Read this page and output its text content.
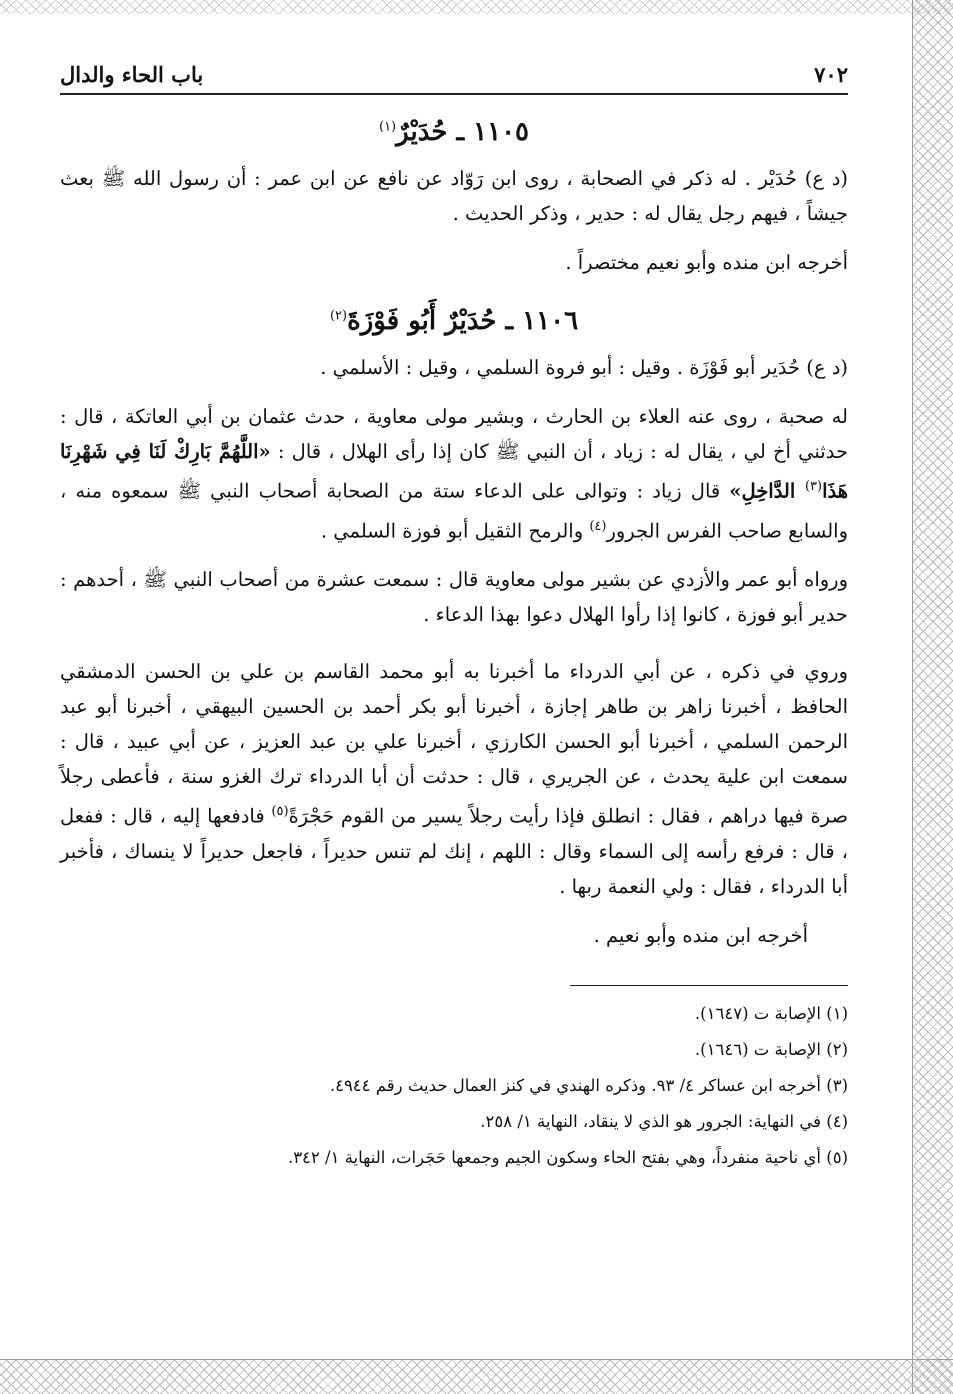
٧٠٢
باب الحاء والدال
١١٠٥ ـ حُدَيْرٌ$^{(١)}$

(د ع) حُدَيْر . له ذكر في الصحابة ، روى ابن رَوّاد عن نافع عن ابن عمر : أن رسول الله ﷺ بعث جيشاً ، فيهم رجل يقال له : حدير ، وذكر الحديث .

أخرجه ابن منده وأبو نعيم مختصراً .

١١٠٦ ـ حُدَيْرٌ أَبُو فَوْزَةَ$^{(٢)}$

(د ع) حُدَير أبو فَوْزَة . وقيل : أبو فروة السلمي ، وقيل : الأسلمي .

له صحبة ، روى عنه العلاء بن الحارث ، وبشير مولى معاوية ، حدث عثمان بن أبي العاتكة ، قال : حدثني أخ لي ، يقال له : زياد ، أن النبي ﷺ كان إذا رأى الهلال ، قال : «اللَّهُمَّ بَارِكْ لَنَا فِي شَهْرِنَا هَذَا$^{(٣)}$ الدَّاخِلِ» قال زياد : وتوالى على الدعاء ستة من الصحابة أصحاب النبي ﷺ سمعوه منه ، والسابع صاحب الفرس الجرور$^{(٤)}$ والرمح الثقيل أبو فوزة السلمي .

ورواه أبو عمر والأزدي عن بشير مولى معاوية قال : سمعت عشرة من أصحاب النبي ﷺ ، أحدهم : حدير أبو فوزة ، كانوا إذا رأوا الهلال دعوا بهذا الدعاء .

وروي في ذكره ، عن أبي الدرداء ما أخبرنا به أبو محمد القاسم بن علي بن الحسن الدمشقي الحافظ ، أخبرنا زاهر بن طاهر إجازة ، أخبرنا أبو بكر أحمد بن الحسين البيهقي ، أخبرنا أبو عبد الرحمن السلمي ، أخبرنا أبو الحسن الكارزي ، أخبرنا علي بن عبد العزيز ، عن أبي عبيد ، قال : سمعت ابن علية يحدث ، عن الجريري ، قال : حدثت أن أبا الدرداء ترك الغزو سنة ، فأعطى رجلاً صرة فيها دراهم ، فقال : انطلق فإذا رأيت رجلاً يسير من القوم حَجْرَةً$^{(٥)}$ فادفعها إليه ، قال : ففعل ، قال : فرفع رأسه إلى السماء وقال : اللهم ، إنك لم تنس حديراً ، فاجعل حديراً لا ينساك ، فأخبر أبا الدرداء ، فقال : ولي النعمة ربها .

أخرجه ابن منده وأبو نعيم .

(١) الإصابة ت (١٦٤٧).
(٢) الإصابة ت (١٦٤٦).
(٣) أخرجه ابن عساكر ٤/ ٩٣. وذكره الهندي في كنز العمال حديث رقم ٤٩٤٤.
(٤) في النهاية: الجرور هو الذي لا ينقاد، النهاية ١/ ٢٥٨.
(٥) أي ناحية منفرداً، وهي بفتح الحاء وسكون الجيم وجمعها حَجَرات، النهاية ١/ ٣٤٢.
